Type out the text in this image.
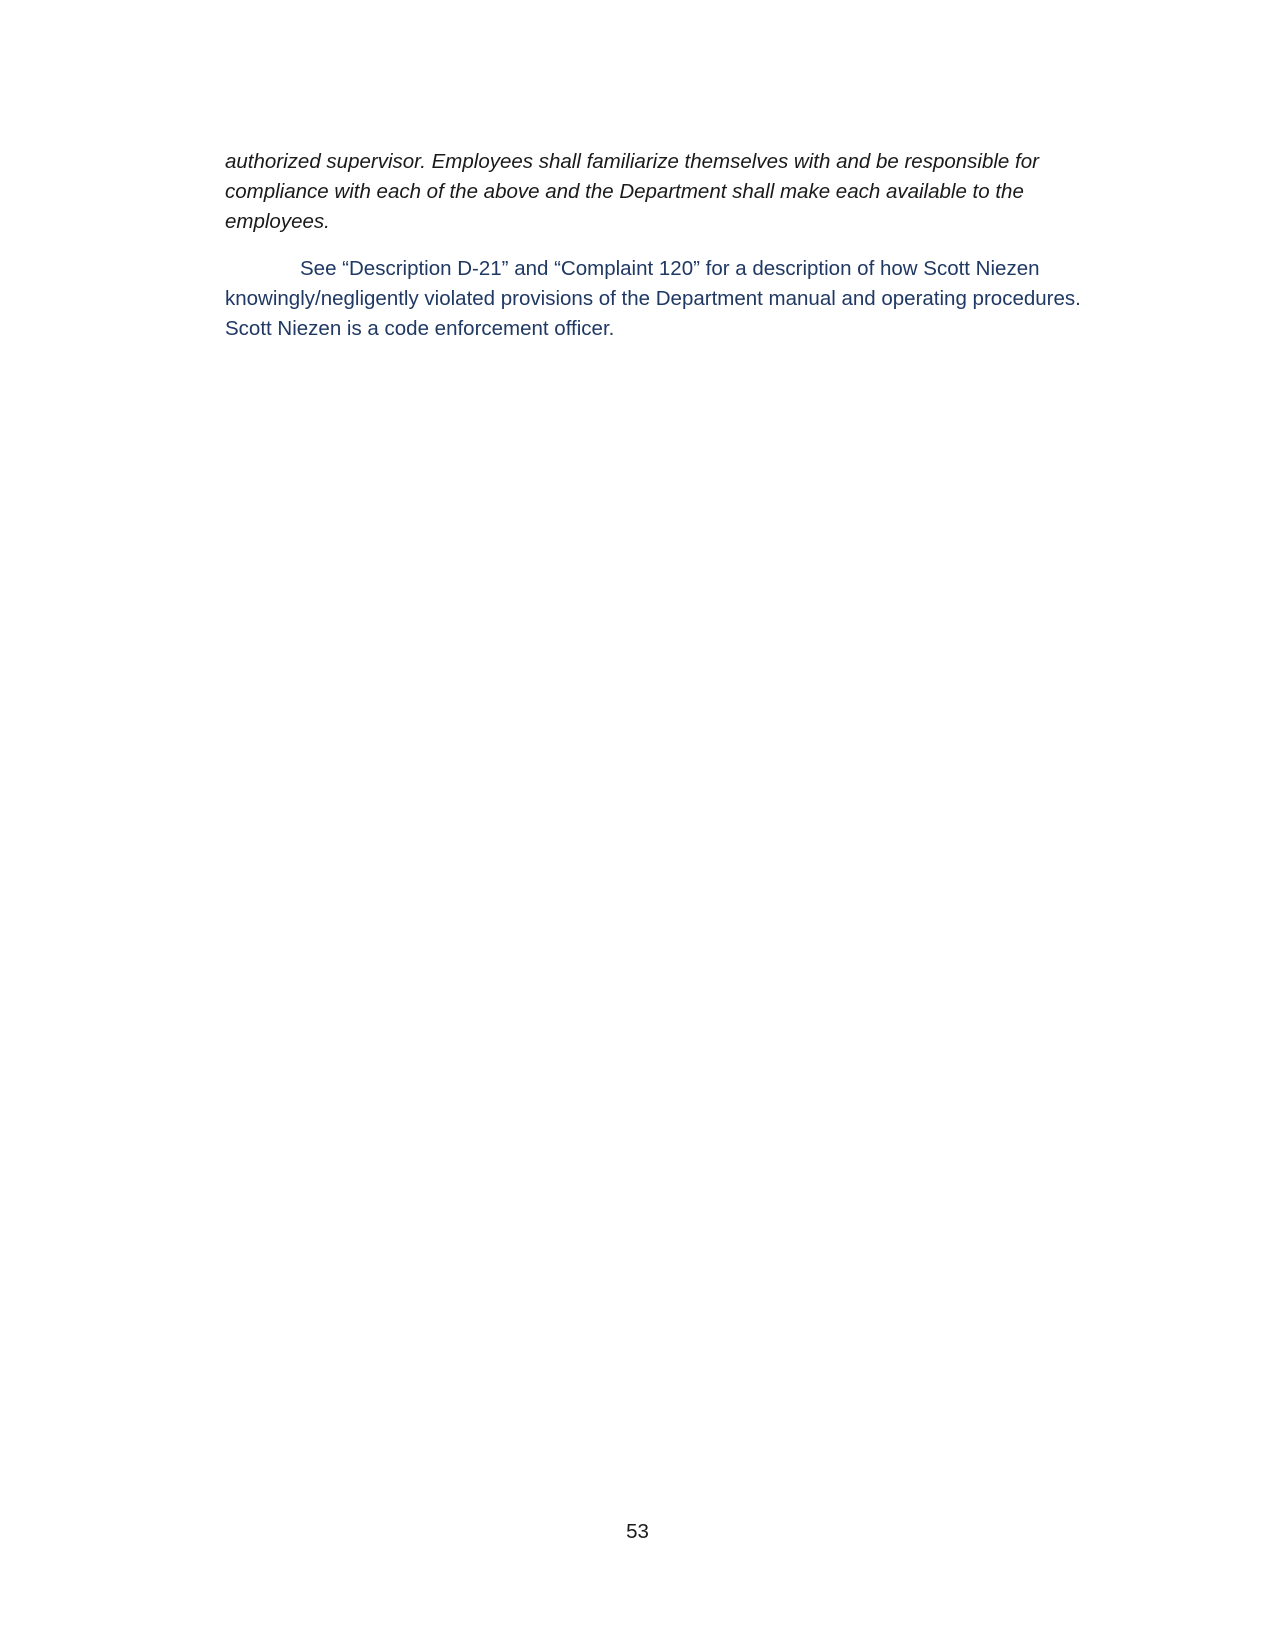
authorized supervisor. Employees shall familiarize themselves with and be responsible for compliance with each of the above and the Department shall make each available to the employees.

See “Description D-21” and “Complaint 120” for a description of how Scott Niezen knowingly/negligently violated provisions of the Department manual and operating procedures. Scott Niezen is a code enforcement officer.

53
